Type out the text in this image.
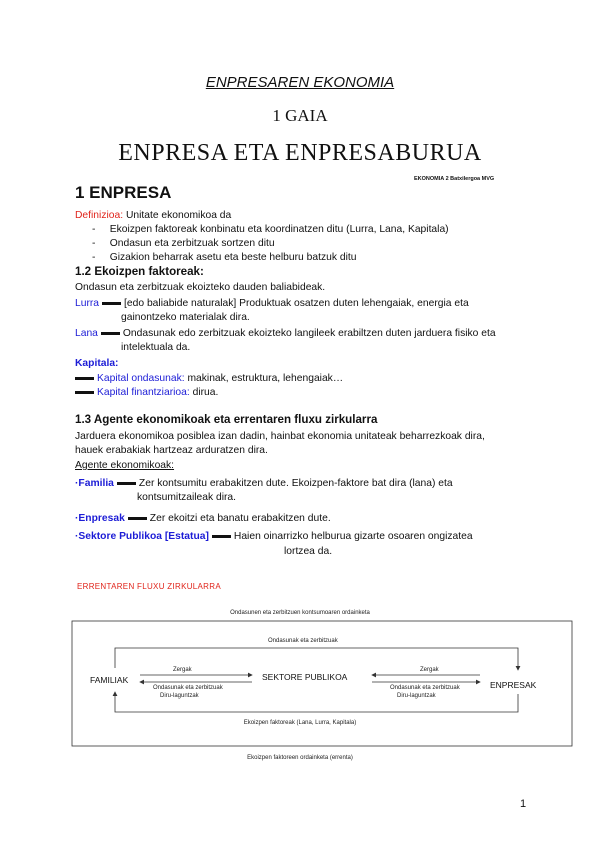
ENPRESAREN EKONOMIA
1 GAIA
ENPRESA ETA ENPRESABURUA
EKONOMIA 2 Batxilergoa MVG
1 ENPRESA
Definizioa: Unitate ekonomikoa da
-     Ekoizpen faktoreak konbinatu eta koordinatzen ditu (Lurra, Lana, Kapitala)
-     Ondasun eta zerbitzuak sortzen ditu
-     Gizakion beharrak asetu eta beste helburu batzuk ditu
1.2 Ekoizpen faktoreak:
Ondasun eta zerbitzuak ekoizteko dauden baliabideak.
Lurra [edo baliabide naturalak] Produktuak osatzen duten lehengaiak, energia eta
gainontzeko materialak dira.
Lana Ondasunak edo zerbitzuak ekoizteko langileek erabiltzen duten jarduera fisiko eta
intelektuala da.
Kapitala:
Kapital ondasunak: makinak, estruktura, lehengaiak…
Kapital finantziarioa: dirua.
1.3 Agente ekonomikoak eta errentaren fluxu zirkularra
Jarduera ekonomikoa posiblea izan dadin, hainbat ekonomia unitateak beharrezkoak dira,
hauek erabakiak hartzeaz arduratzen dira.
Agente ekonomikoak:
·Familia Zer kontsumitu erabakitzen dute. Ekoizpen-faktore bat dira (lana) eta
kontsumitzaileak dira.
·Enpresak Zer ekoitzi eta banatu erabakitzen dute.
·Sektore Publikoa [Estatua] Haien oinarrizko helburua gizarte osoaren ongizatea
lortzea da.
ERRENTAREN FLUXU ZIRKULARRA
Ondasunen eta zerbitzuen kontsumoaren ordainketa
Ondasunak eta zerbitzuak
FAMILIAK	SEKTORE PUBLIKOA
ENPRESAK
Zergak	Zergak
Ondasunak eta zerbitzuak
Diru-laguntzak
Ondasunak eta zerbitzuak
Diru-laguntzak
Ekoizpen faktoreak (Lana, Lurra, Kapitala)
Ekoizpen faktoreen ordainketa (errenta)
1
